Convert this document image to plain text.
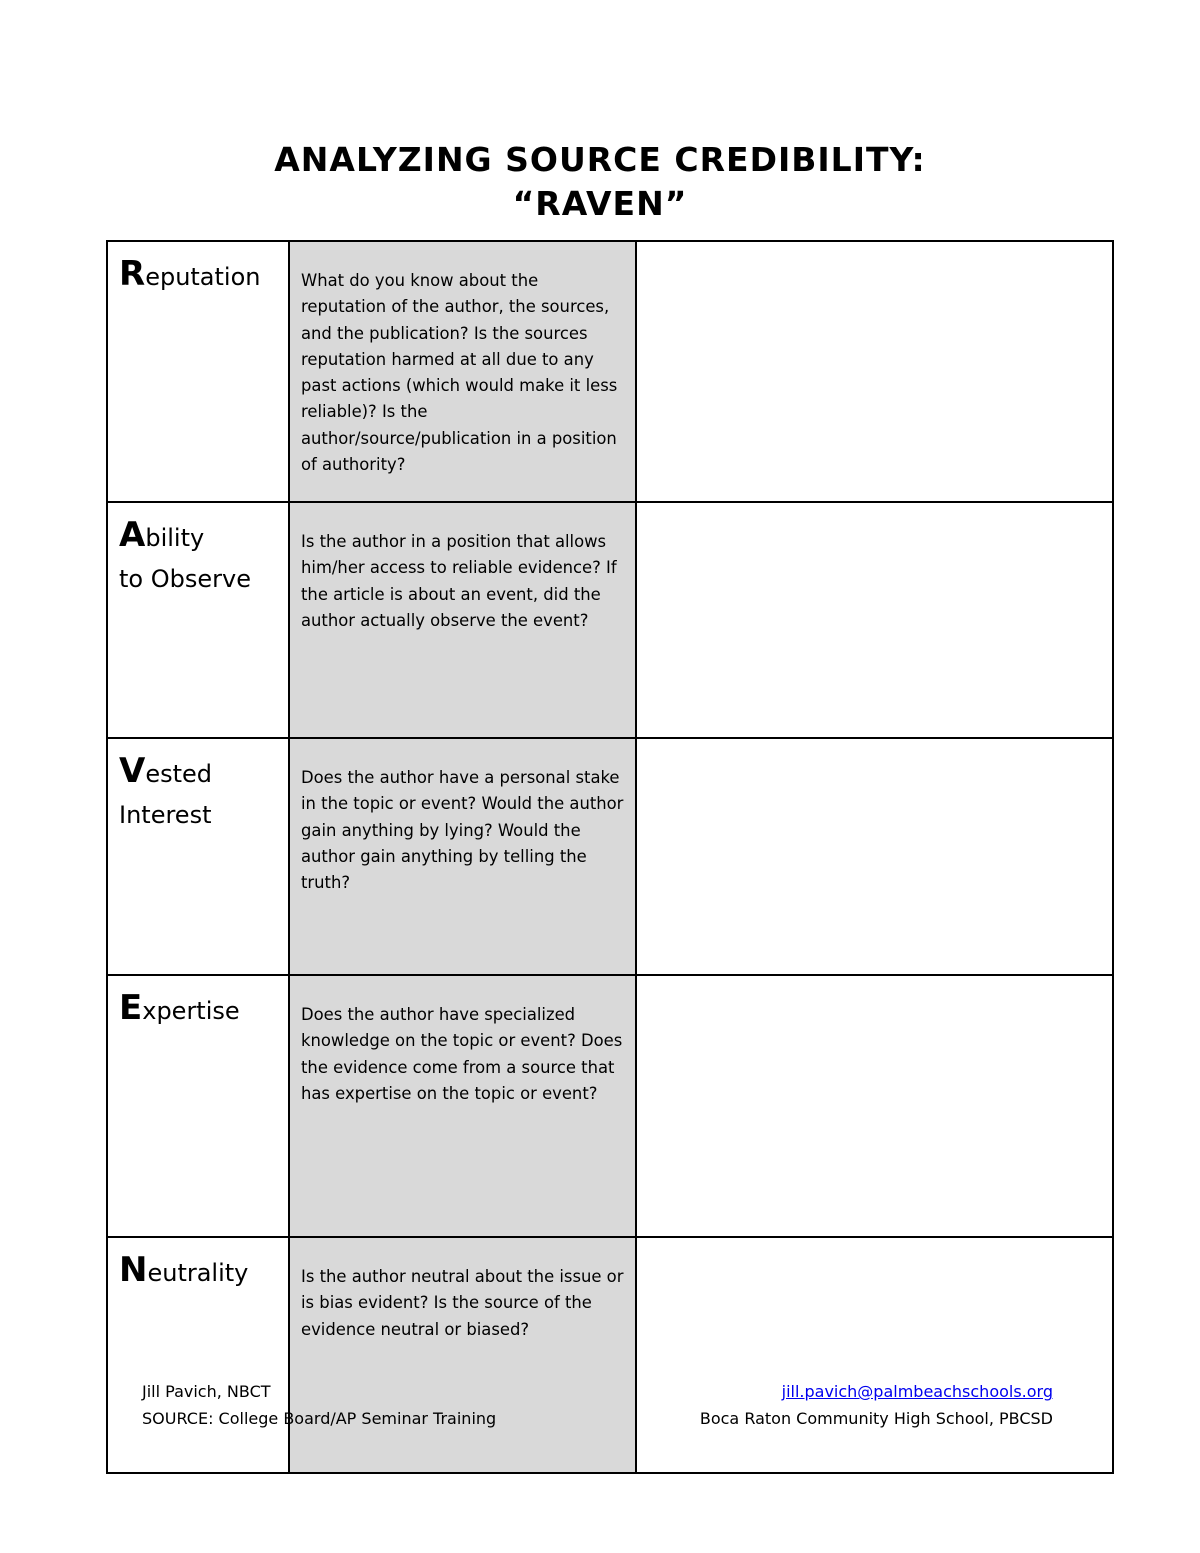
ANALYZING SOURCE CREDIBILITY:
“RAVEN”
Reputation	What do you know about the reputation of the author, the sources, and the publication? Is the sources reputation harmed at all due to any past actions (which would make it less reliable)? Is the author/source/publication in a position of authority?	
Ability
to Observe	Is the author in a position that allows him/her access to reliable evidence? If the article is about an event, did the author actually observe the event?	
Vested
Interest	Does the author have a personal stake in the topic or event? Would the author gain anything by lying? Would the author gain anything by telling the truth?	
Expertise	Does the author have specialized knowledge on the topic or event? Does the evidence come from a source that has expertise on the topic or event?	
Neutrality	Is the author neutral about the issue or is bias evident? Is the source of the evidence neutral or biased?	
Jill Pavich, NBCT
SOURCE: College Board/AP Seminar Training
jill.pavich@palmbeachschools.org
Boca Raton Community High School, PBCSD
